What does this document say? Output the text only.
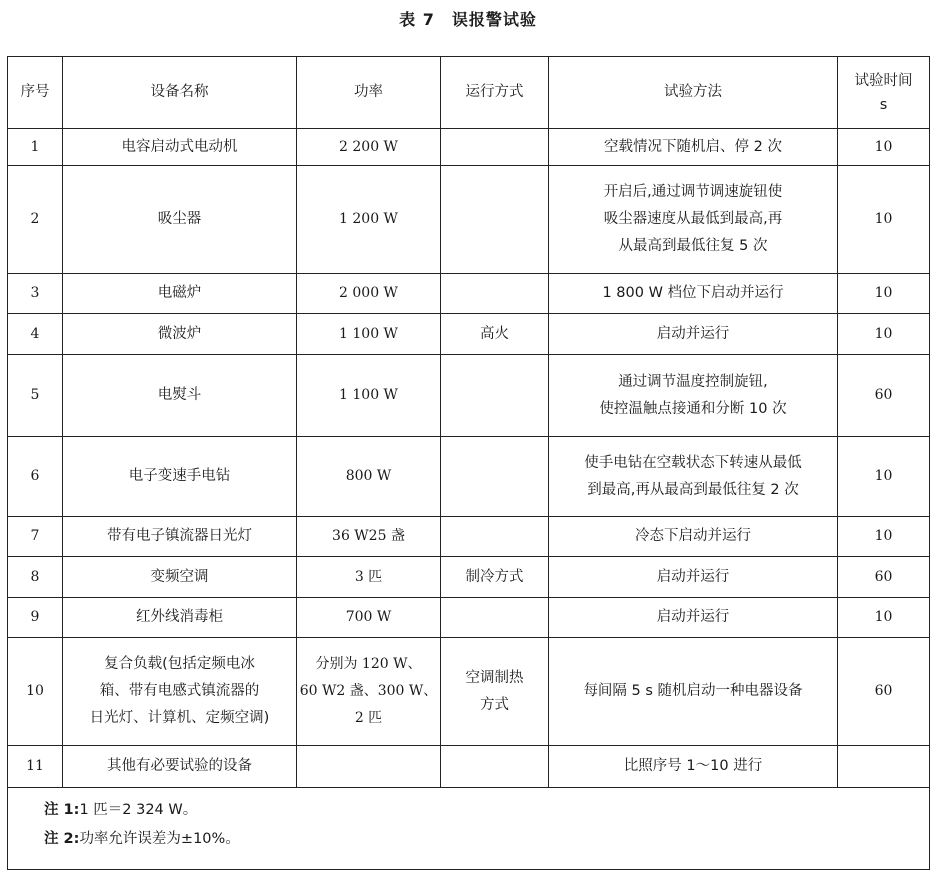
表 7　误报警试验
序号	设备名称	功率	运行方式	试验方法	试验时间
s
1	电容启动式电动机	2 200 W		空载情况下随机启、停 2 次	10
2	吸尘器	1 200 W		开启后,通过调节调速旋钮使
吸尘器速度从最低到最高,再
从最高到最低往复 5 次	10
3	电磁炉	2 000 W		1 800 W 档位下启动并运行	10
4	微波炉	1 100 W	高火	启动并运行	10
5	电熨斗	1 100 W		通过调节温度控制旋钮,
使控温触点接通和分断 10 次	60
6	电子变速手电钻	800 W		使手电钻在空载状态下转速从最低
到最高,再从最高到最低往复 2 次	10
7	带有电子镇流器日光灯	36 W25 盏		冷态下启动并运行	10
8	变频空调	3 匹	制冷方式	启动并运行	60
9	红外线消毒柜	700 W		启动并运行	10
10	复合负载(包括定频电冰
箱、带有电感式镇流器的
日光灯、计算机、定频空调)	分别为 120 W、
60 W2 盏、300 W、
2 匹	空调制热
方式	每间隔 5 s 随机启动一种电器设备	60
11	其他有必要试验的设备			比照序号 1～10 进行	

注 1:1 匹＝2 324 W。
注 2:功率允许误差为±10%。					
